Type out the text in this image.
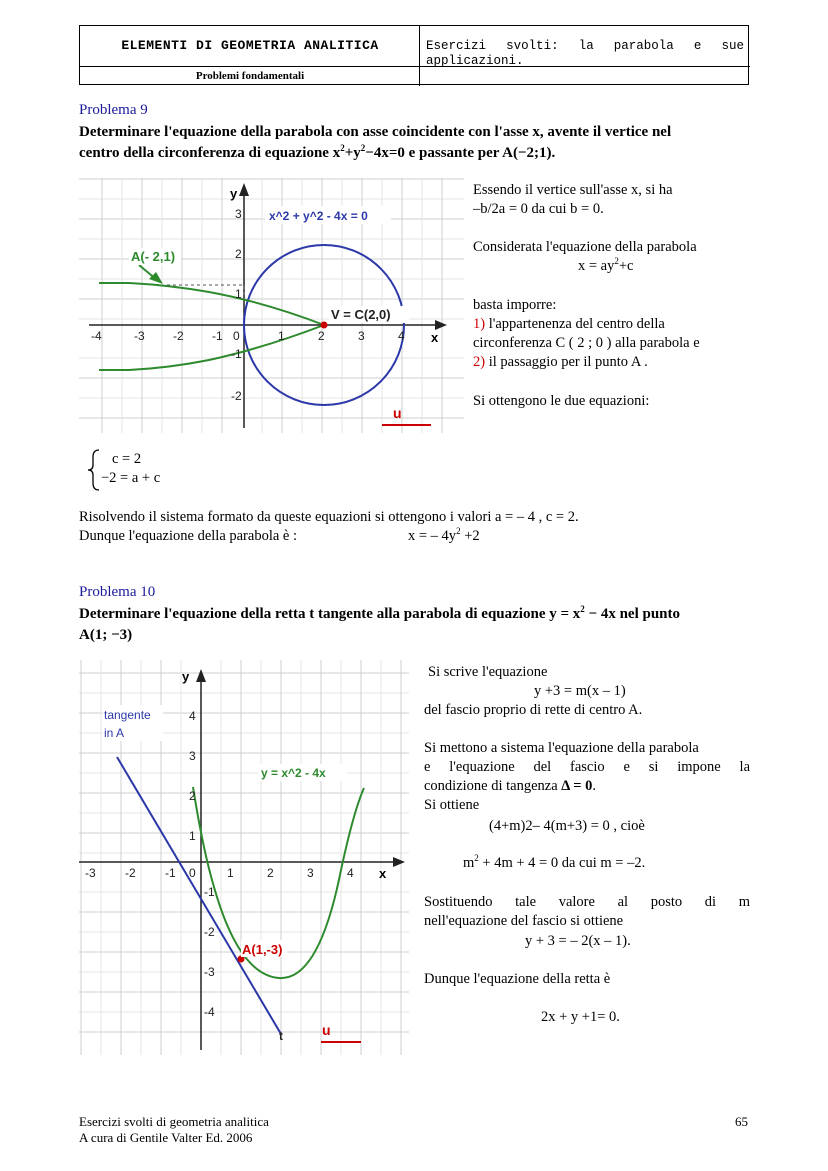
ELEMENTI DI GEOMETRIA ANALITICA
Problemi fondamentali
Esercizi svolti: la parabola e sue
applicazioni.
Problema 9
Determinare l'equazione della parabola con asse coincidente con l'asse x, avente il vertice nel
centro della circonferenza di equazione $x^2+y^2-4x=0$ e passante per A(−2;1).
x^2 + y^2 - 4x = 0
A(- 2,1)
V = C(2,0)
y
x
-4	-3 -2 -1 0	1	2	3	4
3
2
1
-1
-2
u
Essendo il vertice sull'asse x, si ha
–b/2a = 0 da cui b = 0.
Considerata l'equazione della parabola
$x = ay^2+c$
basta imporre:
1) l'appartenenza del centro della
circonferenza C ( 2 ; 0 ) alla parabola e
2) il passaggio per il punto A .
Si ottengono le due equazioni:
c = 2
−2 = a + c
Risolvendo il sistema formato da queste equazioni si ottengono i valori a = – 4 , c = 2.
Dunque l'equazione della parabola è :	x = – $4y^2 +2$
Problema 10
Determinare l'equazione della retta t tangente alla parabola di equazione $y = x^2 - 4x$ nel punto
A(1; −3)
tangente
in A
y = x^2 - 4x
A(1,-3)
y
x
t
-3 -2 -1 0	1	2	3	4
4
3
2
1
-1
-2
-3
-4
u
Si scrive l'equazione
y +3 = m(x – 1)
del fascio proprio di rette di centro A.
Si mettono a sistema l'equazione della parabola
e l'equazione del fascio e si impone la
condizione di tangenza Δ = 0.
Si ottiene
(4+m)2– 4(m+3) = 0 , cioè
$m^2 + 4m + 4 = 0$ da cui m = –2.
Sostituendo tale valore al posto di m
nell'equazione del fascio si ottiene
y + 3 = – 2(x – 1).
Dunque l'equazione della retta è
2x + y +1= 0.
Esercizi svolti di geometria analitica
A cura di Gentile Valter Ed. 2006
65
